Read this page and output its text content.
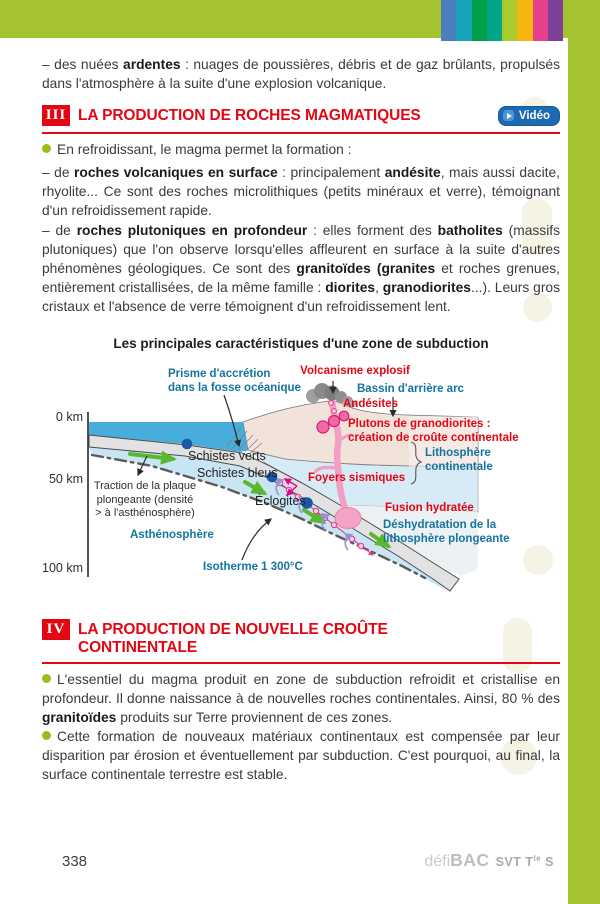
– des nuées ardentes : nuages de poussières, débris et de gaz brûlants, propulsés dans l'atmosphère à la suite d'une explosion volcanique.

III LA PRODUCTION DE ROCHES MAGMATIQUES	Vidéo

En refroidissant, le magma permet la formation :

– de roches volcaniques en surface : principalement andésite, mais aussi dacite, rhyolite... Ce sont des roches microlithiques (petits minéraux et verre), témoignant d'un refroidissement rapide.

– de roches plutoniques en profondeur : elles forment des batholites (massifs plutoniques) que l'on observe lorsqu'elles affleurent en surface à la suite d'autres phénomènes géologiques. Ce sont des granitoïdes (granites et roches grenues, entièrement cristallisées, de la même famille : diorites, granodiorites...). Leurs gros cristaux et l'absence de verre témoignent d'un refroidissement lent.

Les principales caractéristiques d'une zone de subduction
0 km
50 km
100 km
Prisme d'accrétion
dans la fosse océanique
Volcanisme explosif
Bassin d'arrière arc
Andésites
Plutons de granodiorites :
création de croûte continentale
Lithosphère
continentale
Foyers sismiques
Fusion hydratée
Déshydratation de la
lithosphère plongeante
Schistes verts
Schistes bleus
Éclogites
Traction de la plaque plongeante (densité > à l'asthénosphère)
Asthénosphère
Isotherme 1 300°C
IV LA PRODUCTION DE NOUVELLE CROÛTE CONTINENTALE

L'essentiel du magma produit en zone de subduction refroidit et cristallise en profondeur. Il donne naissance à de nouvelles roches continentales. Ainsi, 80 % des granitoïdes produits sur Terre proviennent de ces zones.

Cette formation de nouveaux matériaux continentaux est compensée par leur disparition par érosion et éventuellement par subduction. C'est pourquoi, au final, la surface continentale terrestre est stable.

338	défi BAC SVT $T^{le}$ S
